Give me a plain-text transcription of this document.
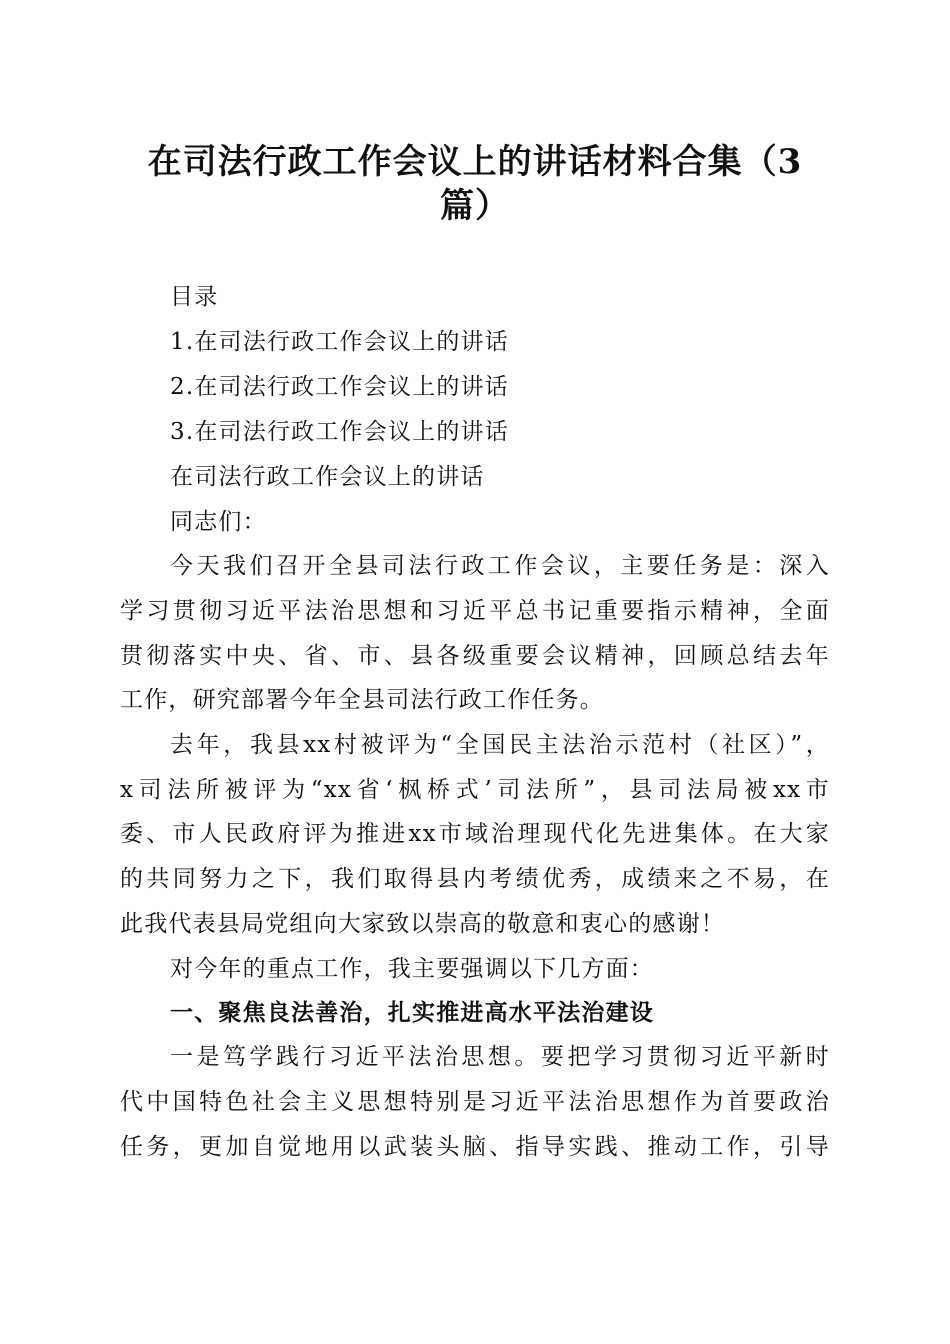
在司法行政工作会议上的讲话材料合集（3
篇）
目录
1.在司法行政工作会议上的讲话
2.在司法行政工作会议上的讲话
3.在司法行政工作会议上的讲话
在司法行政工作会议上的讲话
同志们：
今天我们召开全县司法行政工作会议，主要任务是：深入
学习贯彻习近平法治思想和习近平总书记重要指示精神，全面
贯彻落实中央、省、市、县各级重要会议精神，回顾总结去年
工作，研究部署今年全县司法行政工作任务。
去年，我县xx村被评为“全国民主法治示范村（社区）”，
x司法所被评为“xx省‘枫桥式’司法所”，县司法局被xx市
委、市人民政府评为推进xx市域治理现代化先进集体。在大家
的共同努力之下，我们取得县内考绩优秀，成绩来之不易，在
此我代表县局党组向大家致以崇高的敬意和衷心的感谢！
对今年的重点工作，我主要强调以下几方面：
一、聚焦良法善治，扎实推进高水平法治建设
一是笃学践行习近平法治思想。要把学习贯彻习近平新时
代中国特色社会主义思想特别是习近平法治思想作为首要政治
任务，更加自觉地用以武装头脑、指导实践、推动工作，引导
